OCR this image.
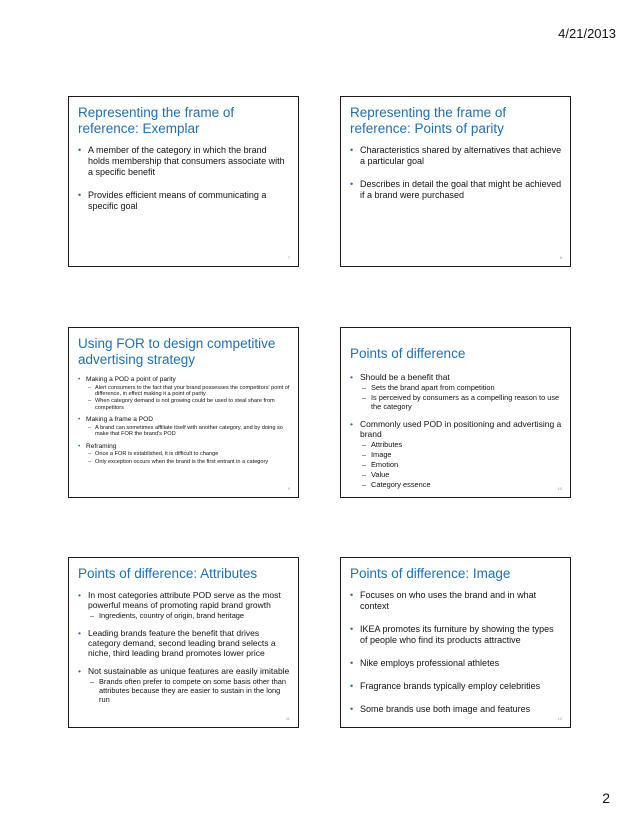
4/21/2013
Representing the frame of reference: Exemplar
• A member of the category in which the brand holds membership that consumers associate with a specific benefit
• Provides efficient means of communicating a specific goal
7
Representing the frame of reference: Points of parity
• Characteristics shared by alternatives that achieve a particular goal
• Describes in detail the goal that might be achieved if a brand were purchased
8
Using FOR to design competitive advertising strategy
• Making a POD a point of parity
– Alert consumers to the fact that your brand possesses the competitors' point of difference, in effect making it a point of parity
– When category demand is not growing could be used to steal share from competitors
• Making a frame a POD
– A brand can sometimes affiliate itself with another category, and by doing so make that FOR the brand's POD
• Reframing
– Once a FOR is established, it is difficult to change
– Only exception occurs when the brand is the first entrant in a category
9
Points of difference
• Should be a benefit that
– Sets the brand apart from competition
– Is perceived by consumers as a compelling reason to use the category
• Commonly used POD in positioning and advertising a brand
– Attributes
– Image
– Emotion
– Value
– Category essence	10
Points of difference: Attributes
• In most categories attribute POD serve as the most powerful means of promoting rapid brand growth
– Ingredients, country of origin, brand heritage
• Leading brands feature the benefit that drives category demand, second leading brand selects a niche, third leading brand promotes lower price
• Not sustainable as unique features are easily imitable
– Brands often prefer to compete on some basis other than attributes because they are easier to sustain in the long run
11
Points of difference: Image
• Focuses on who uses the brand and in what context
• IKEA promotes its furniture by showing the types of people who find its products attractive
• Nike employs professional athletes
• Fragrance brands typically employ celebrities
• Some brands use both image and features
12
2
